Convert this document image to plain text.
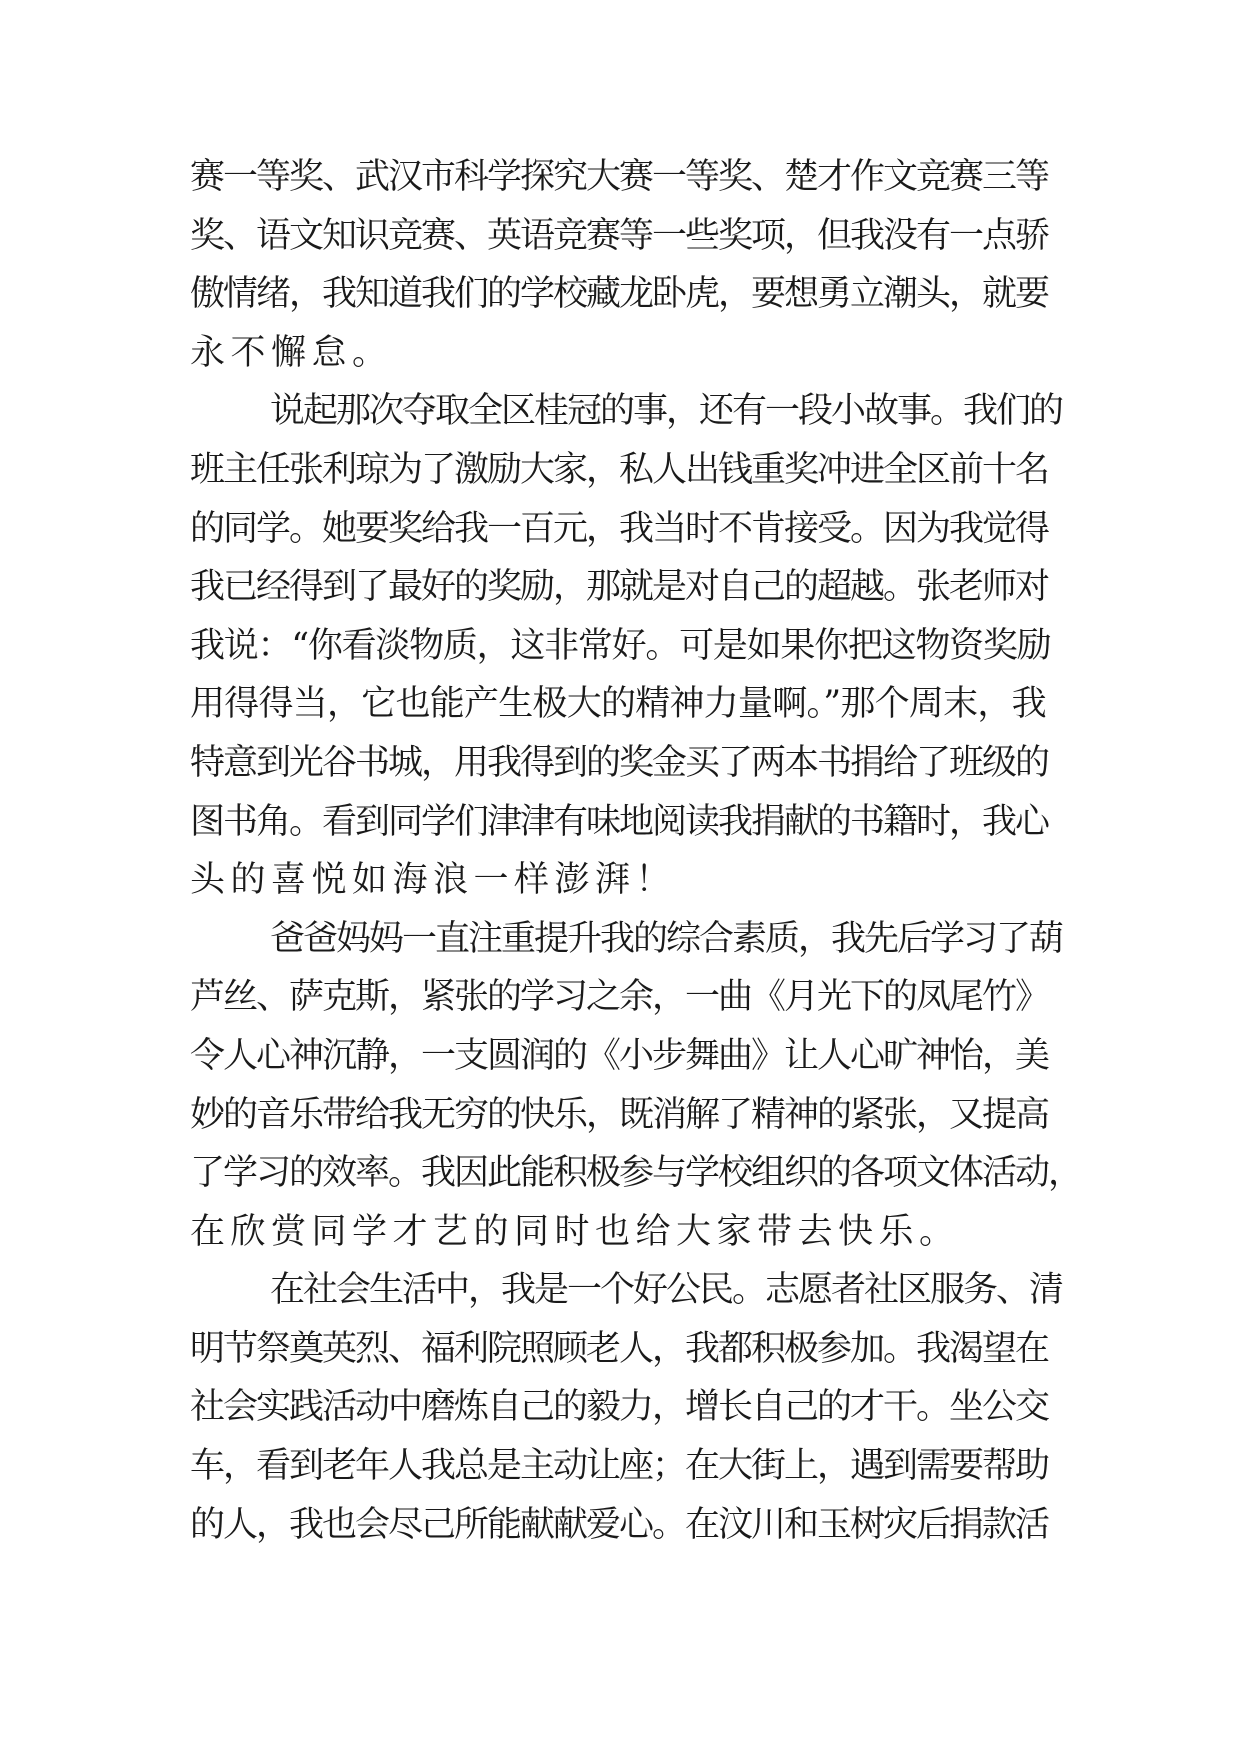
赛一等奖、武汉市科学探究大赛一等奖、楚才作文竞赛三等
奖、语文知识竞赛、英语竞赛等一些奖项，但我没有一点骄
傲情绪，我知道我们的学校藏龙卧虎，要想勇立潮头，就要
永不懈怠。
说起那次夺取全区桂冠的事，还有一段小故事。我们的
班主任张利琼为了激励大家，私人出钱重奖冲进全区前十名
的同学。她要奖给我一百元，我当时不肯接受。因为我觉得
我已经得到了最好的奖励，那就是对自己的超越。张老师对
我说：“你看淡物质，这非常好。可是如果你把这物资奖励
用得得当，它也能产生极大的精神力量啊。”那个周末，我
特意到光谷书城，用我得到的奖金买了两本书捐给了班级的
图书角。看到同学们津津有味地阅读我捐献的书籍时，我心
头的喜悦如海浪一样澎湃！
爸爸妈妈一直注重提升我的综合素质，我先后学习了葫
芦丝、萨克斯，紧张的学习之余，一曲《月光下的凤尾竹》
令人心神沉静，一支圆润的《小步舞曲》让人心旷神怡，美
妙的音乐带给我无穷的快乐，既消解了精神的紧张，又提高
了学习的效率。我因此能积极参与学校组织的各项文体活动，
在欣赏同学才艺的同时也给大家带去快乐。
在社会生活中，我是一个好公民。志愿者社区服务、清
明节祭奠英烈、福利院照顾老人，我都积极参加。我渴望在
社会实践活动中磨炼自己的毅力，增长自己的才干。坐公交
车，看到老年人我总是主动让座；在大街上，遇到需要帮助
的人，我也会尽己所能献献爱心。在汶川和玉树灾后捐款活
